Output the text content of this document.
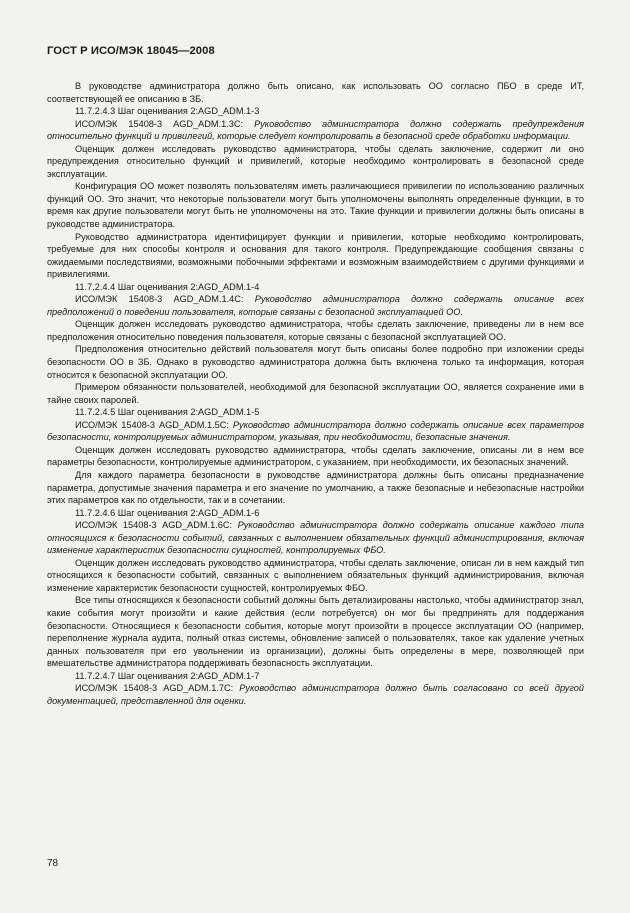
ГОСТ Р ИСО/МЭК 18045—2008

В руководстве администратора должно быть описано, как использовать ОО согласно ПБО в среде ИТ, соответствующей ее описанию в ЗБ.

11.7.2.4.3 Шаг оценивания 2:AGD_ADM.1-3

ИСО/МЭК 15408-3 AGD_ADM.1.3С: Руководство администратора должно содержать предупреждения относительно функций и привилегий, которые следует контролировать в безопасной среде обработки информации.

Оценщик должен исследовать руководство администратора, чтобы сделать заключение, содержит ли оно предупреждения относительно функций и привилегий, которые необходимо контролировать в безопасной среде эксплуатации.

Конфигурация ОО может позволять пользователям иметь различающиеся привилегии по использованию различных функций ОО. Это значит, что некоторые пользователи могут быть уполномочены выполнять определенные функции, в то время как другие пользователи могут быть не уполномочены на это. Такие функции и привилегии должны быть описаны в руководстве администратора.

Руководство администратора идентифицирует функции и привилегии, которые необходимо контролировать, требуемые для них способы контроля и основания для такого контроля. Предупреждающие сообщения связаны с ожидаемыми последствиями, возможными побочными эффектами и возможным взаимодействием с другими функциями и привилегиями.

11.7.2.4.4 Шаг оценивания 2:AGD_ADM.1-4

ИСО/МЭК 15408-3 AGD_ADM.1.4С: Руководство администратора должно содержать описание всех предположений о поведении пользователя, которые связаны с безопасной эксплуатацией ОО.

Оценщик должен исследовать руководство администратора, чтобы сделать заключение, приведены ли в нем все предположения относительно поведения пользователя, которые связаны с безопасной эксплуатацией ОО.

Предположения относительно действий пользователя могут быть описаны более подробно при изложении среды безопасности ОО в ЗБ. Однако в руководство администратора должна быть включена только та информация, которая относится к безопасной эксплуатации ОО.

Примером обязанности пользователей, необходимой для безопасной эксплуатации ОО, является сохранение ими в тайне своих паролей.

11.7.2.4.5 Шаг оценивания 2:AGD_ADM.1-5

ИСО/МЭК 15408-3 AGD_ADM.1.5С: Руководство администратора должно содержать описание всех параметров безопасности, контролируемых администратором, указывая, при необходимости, безопасные значения.

Оценщик должен исследовать руководство администратора, чтобы сделать заключение, описаны ли в нем все параметры безопасности, контролируемые администратором, с указанием, при необходимости, их безопасных значений.

Для каждого параметра безопасности в руководстве администратора должны быть описаны предназначение параметра, допустимые значения параметра и его значение по умолчанию, а также безопасные и небезопасные настройки этих параметров как по отдельности, так и в сочетании.

11.7.2.4.6 Шаг оценивания 2:AGD_ADM.1-6

ИСО/МЭК 15408-3 AGD_ADM.1.6С: Руководство администратора должно содержать описание каждого типа относящихся к безопасности событий, связанных с выполнением обязательных функций администрирования, включая изменение характеристик безопасности сущностей, контролируемых ФБО.

Оценщик должен исследовать руководство администратора, чтобы сделать заключение, описан ли в нем каждый тип относящихся к безопасности событий, связанных с выполнением обязательных функций администрирования, включая изменение характеристик безопасности сущностей, контролируемых ФБО.

Все типы относящихся к безопасности событий должны быть детализированы настолько, чтобы администратор знал, какие события могут произойти и какие действия (если потребуется) он мог бы предпринять для поддержания безопасности. Относящиеся к безопасности события, которые могут произойти в процессе эксплуатации ОО (например, переполнение журнала аудита, полный отказ системы, обновление записей о пользователях, такое как удаление учетных данных пользователя при его увольнении из организации), должны быть определены в мере, позволяющей при вмешательстве администратора поддерживать безопасность эксплуатации.

11.7.2.4.7 Шаг оценивания 2:AGD_ADM.1-7

ИСО/МЭК 15408-3 AGD_ADM.1.7С: Руководство администратора должно быть согласовано со всей другой документацией, представленной для оценки.

78
